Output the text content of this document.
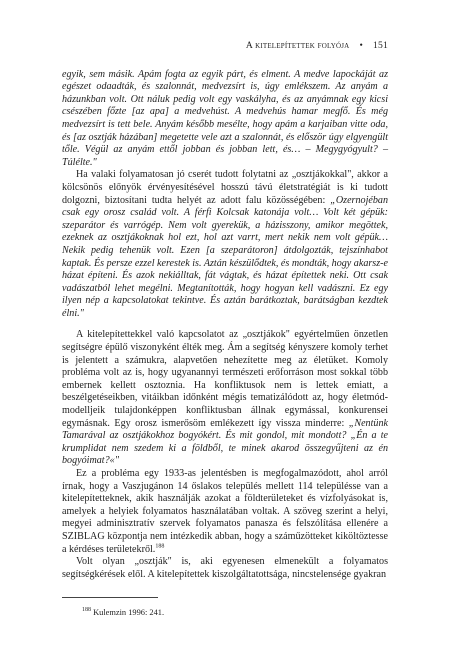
A kitelepítettek folyója • 151

egyik, sem másik. Apám fogta az egyik párt, és elment. A medve lapockáját az egészet odaadták, és szalonnát, medvezsírt is, úgy emlékszem. Az anyám a házunkban volt. Ott náluk pedig volt egy vaskályha, és az anyámnak egy kicsi csészében főzte [az apa] a medvehúst. A medvehús hamar megfő. És még medvezsírt is tett bele. Anyám később mesélte, hogy apám a karjaiban vitte oda, és [az osztják házában] megetette vele azt a szalonnát, és először úgy elgyengült tőle. Végül az anyám ettől jobban és jobban lett, és… – Megygyógyult? – Túlélte."

Ha valaki folyamatosan jó cserét tudott folytatni az „osztjákokkal", akkor a kölcsönös előnyök érvényesítésével hosszú távú életstratégiát is ki tudott dolgozni, biztosítani tudta helyét az adott falu közösségében: „Ozernojéban csak egy orosz család volt. A férfi Kolcsak katonája volt… Volt két gépük: szeparátor és varrógép. Nem volt gyerekük, a házisszony, amikor megöttek, ezeknek az osztjákoknak hol ezt, hol azt varrt, mert nekik nem volt gépük… Nekik pedig tehenük volt. Ezen [a szeparátoron] átdolgozták, tejszínhabot kaptak. És persze ezzel kerestek is. Aztán készülődtek, és mondták, hogy akarsz-e házat építeni. És azok nekiálltak, fát vágtak, és házat építettek neki. Ott csak vadászatból lehet megélni. Megtanították, hogy hogyan kell vadászni. Ez egy ilyen nép a kapcsolatokat tekintve. És aztán barátkoztak, barátságban kezdtek élni."

A kitelepítettekkel való kapcsolatot az „osztjákok" egyértelműen önzetlen segítségre épülő viszonyként élték meg. Ám a segítség kényszere komoly terhet is jelentett a számukra, alapvetően nehezítette meg az életüket. Komoly probléma volt az is, hogy ugyanannyi természeti erőforráson most sokkal több embernek kellett osztoznia. Ha konfliktusok nem is lettek emiatt, a beszélgetéseikben, vitáikban időnként mégis tematizálódott az, hogy életmód-modelljeik tulajdonképpen konfliktusban állnak egymással, konkurensei egymásnak. Egy orosz ismerősöm emlékezett így vissza minderre: „Nentünk Tamarával az osztjákokhoz bogyókért. És mit gondol, mit mondott? „Én a te krumplidat nem szedem ki a földből, te minek akarod összegyűjteni az én bogyóimat?«"

Ez a probléma egy 1933-as jelentésben is megfogalmazódott, ahol arról írnak, hogy a Vaszjugánon 14 őslakos település mellett 114 településse van a kitelepítetteknek, akik használják azokat a földterületeket és vízfolyásokat is, amelyek a helyiek folyamatos használatában voltak. A szöveg szerint a helyi, megyei adminisztratív szervek folyamatos panasza és felszólítása ellenére a SZIBLAG központja nem intézkedik abban, hogy a száműzötteket kiköltöztesse a kérdéses területekről.$^{188}$

Volt olyan „osztják" is, aki egyenesen elmenekült a folyamatos segítségkérések elől. A kitelepítettek kiszolgáltatottsága, nincstelensége gyakran

$^{188}$ Kulemzin 1996: 241.
